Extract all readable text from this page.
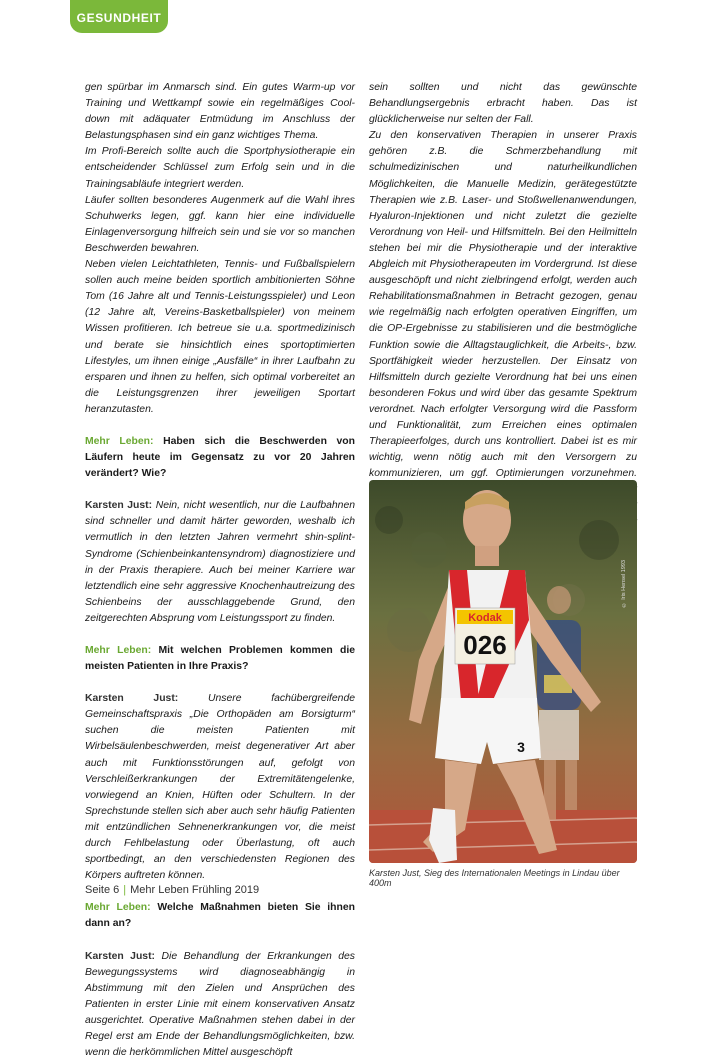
GESUNDHEIT

gen spürbar im Anmarsch sind. Ein gutes Warm-up vor Training und Wettkampf sowie ein regelmäßiges Cool-down mit adäquater Entmüdung im Anschluss der Belastungsphasen sind ein ganz wichtiges Thema.

Im Profi-Bereich sollte auch die Sportphysiotherapie ein entscheidender Schlüssel zum Erfolg sein und in die Trainingsabläufe integriert werden.

Läufer sollten besonderes Augenmerk auf die Wahl ihres Schuhwerks legen, ggf. kann hier eine individuelle Einlagenversorgung hilfreich sein und sie vor so manchen Beschwerden bewahren.

Neben vielen Leichtathleten, Tennis- und Fußballspielern sollen auch meine beiden sportlich ambitionierten Söhne Tom (16 Jahre alt und Tennis-Leistungsspieler) und Leon (12 Jahre alt, Vereins-Basketballspieler) von meinem Wissen profitieren. Ich betreue sie u.a. sportmedizinisch und berate sie hinsichtlich eines sportoptimierten Lifestyles, um ihnen einige „Ausfälle“ in ihrer Laufbahn zu ersparen und ihnen zu helfen, sich optimal vorbereitet an die Leistungsgrenzen ihrer jeweiligen Sportart heranzutasten.

Mehr Leben: Haben sich die Beschwerden von Läufern heute im Gegensatz zu vor 20 Jahren verändert? Wie?

Karsten Just: Nein, nicht wesentlich, nur die Laufbahnen sind schneller und damit härter geworden, weshalb ich vermutlich in den letzten Jahren vermehrt shin-splint-Syndrome (Schienbeinkantensyndrom) diagnostiziere und in der Praxis therapiere. Auch bei meiner Karriere war letztendlich eine sehr aggressive Knochenhautreizung des Schienbeins der ausschlaggebende Grund, den zeitgerechten Absprung vom Leistungssport zu finden.

Mehr Leben: Mit welchen Problemen kommen die meisten Patienten in Ihre Praxis?

Karsten Just:	Unsere fachübergreifende Gemeinschaftspraxis „Die Orthopäden am Borsigturm“ suchen die meisten Patienten mit Wirbelsäulenbeschwerden, meist degenerativer Art aber auch mit Funktionsstörungen auf, gefolgt von Verschleißerkrankungen der Extremitätengelenke, vorwiegend an Knien, Hüften oder Schultern. In der Sprechstunde stellen sich aber auch sehr häufig Patienten mit entzündlichen Sehnenerkrankungen vor, die meist durch Fehlbelastung oder Überlastung, oft auch sportbedingt, an den verschiedensten Regionen des Körpers auftreten können.

Mehr Leben: Welche Maßnahmen bieten Sie ihnen dann an?

Karsten Just: Die Behandlung der Erkrankungen des Bewegungssystems wird diagnoseabhängig in Abstimmung mit den Zielen und Ansprüchen des Patienten in erster Linie mit einem konservativen Ansatz ausgerichtet. Operative Maßnahmen stehen dabei in der Regel erst am Ende der Behandlungsmöglichkeiten, bzw. wenn die herkömmlichen Mittel ausgeschöpft

sein sollten und nicht das gewünschte Behandlungsergebnis erbracht haben. Das ist glücklicherweise nur selten der Fall.

Zu den konservativen Therapien in unserer Praxis gehören z.B. die Schmerzbehandlung mit schulmedizinischen und naturheilkundlichen Möglichkeiten, die Manuelle Medizin, gerätegestützte Therapien wie z.B. Laser- und Stoßwellenanwendungen, Hyaluron-Injektionen und nicht zuletzt die gezielte Verordnung von Heil- und Hilfsmitteln. Bei den Heilmitteln stehen bei mir die Physiotherapie und der interaktive Abgleich mit Physiotherapeuten im Vordergrund. Ist diese ausgeschöpft und nicht zielbringend erfolgt, werden auch Rehabilitationsmaßnahmen in Betracht gezogen, genau wie regelmäßig nach erfolgten operativen Eingriffen, um die OP-Ergebnisse zu stabilisieren und die bestmögliche Funktion sowie die Alltagstauglichkeit, die Arbeits-, bzw. Sportfähigkeit wieder herzustellen. Der Einsatz von Hilfsmitteln durch gezielte Verordnung hat bei uns einen besonderen Fokus und wird über das gesamte Spektrum verordnet. Nach erfolgter Versorgung wird die Passform und Funktionalität, zum Erreichen eines optimalen Therapieerfolges, durch uns kontrolliert. Dabei ist es mir wichtig, wenn nötig auch mit den Versorgern zu kommunizieren, um ggf. Optimierungen vorzunehmen.

Kodak
026
3
© Iris Hensel 1993
Karsten Just, Sieg des Internationalen Meetings in Lindau über 400m
Seite 6 | Mehr Leben Frühling 2019
